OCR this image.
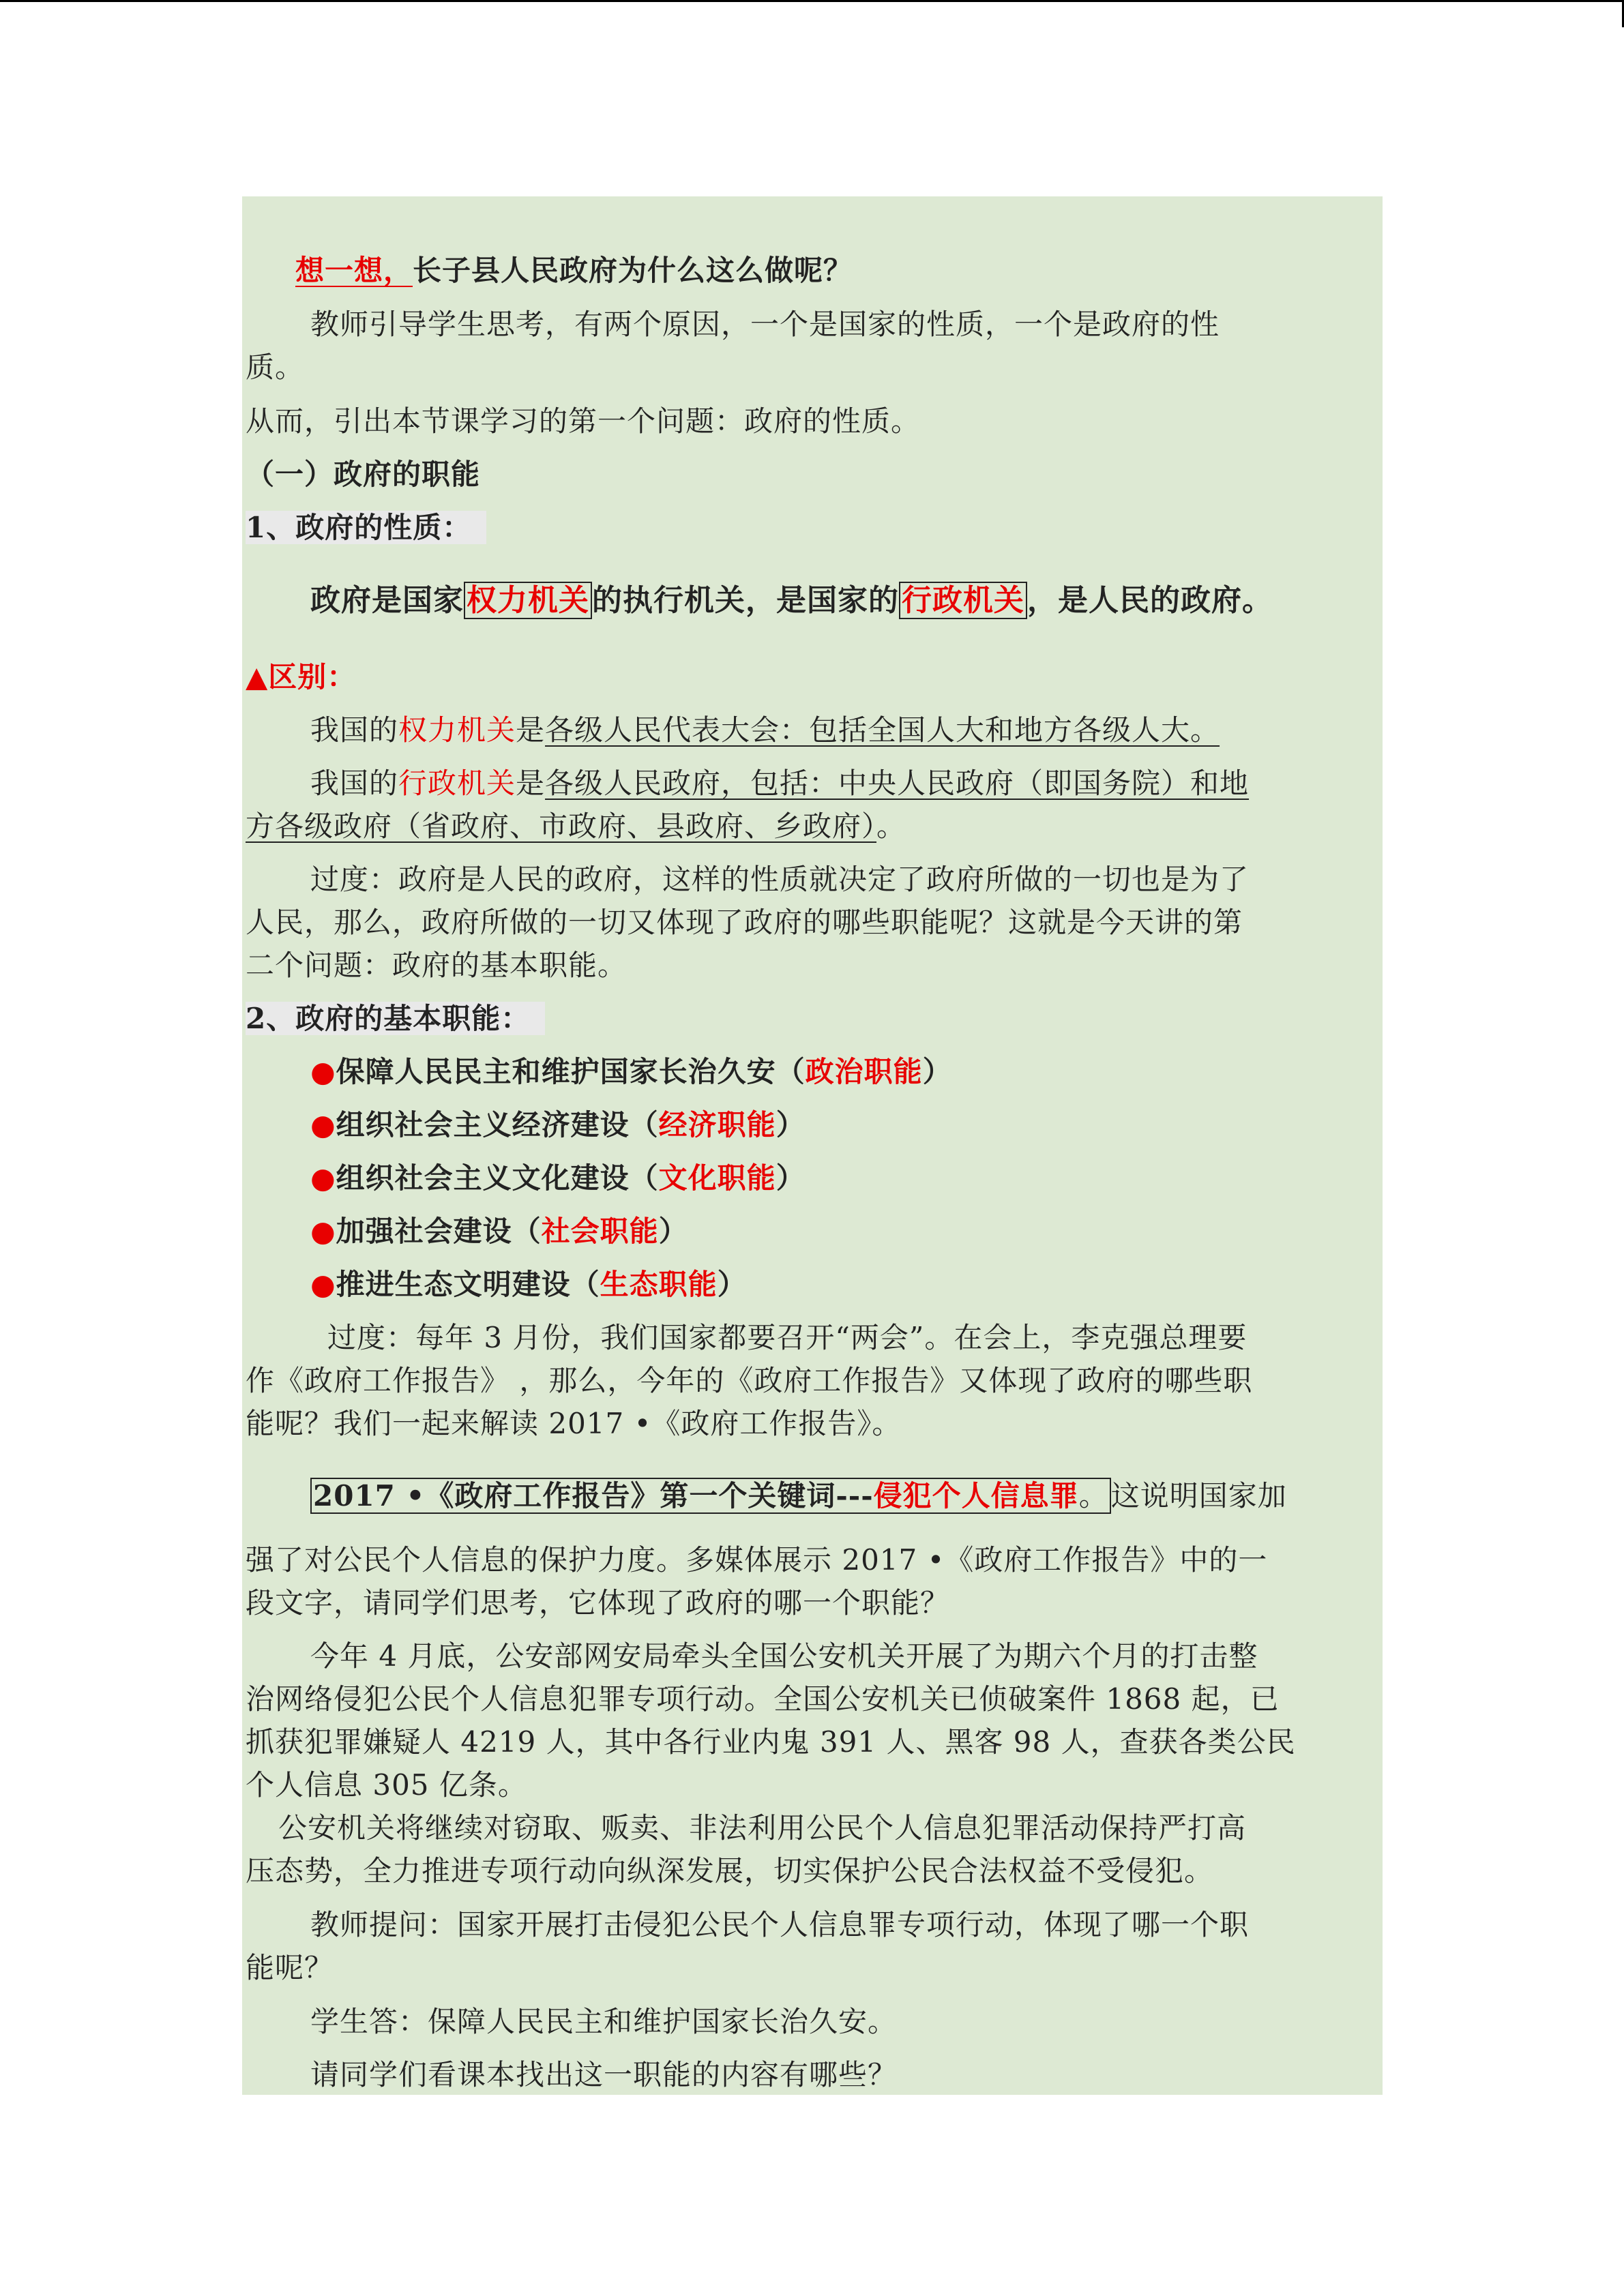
想一想，长子县人民政府为什么这么做呢？
教师引导学生思考，有两个原因，一个是国家的性质，一个是政府的性
质。
从而，引出本节课学习的第一个问题：政府的性质。
（一）政府的职能
1、政府的性质：
政府是国家权力机关的执行机关，是国家的行政机关，是人民的政府。
▲区别：
我国的权力机关是各级人民代表大会：包括全国人大和地方各级人大。
我国的行政机关是各级人民政府，包括：中央人民政府（即国务院）和地
方各级政府（省政府、市政府、县政府、乡政府）。
过度：政府是人民的政府，这样的性质就决定了政府所做的一切也是为了
人民，那么，政府所做的一切又体现了政府的哪些职能呢？这就是今天讲的第
二个问题：政府的基本职能。
2、政府的基本职能：
●保障人民民主和维护国家长治久安（政治职能）
●组织社会主义经济建设（经济职能）
●组织社会主义文化建设（文化职能）
●加强社会建设（社会职能）
●推进生态文明建设（生态职能）
过度：每年 3 月份，我们国家都要召开“两会”。在会上，李克强总理要
作《政府工作报告》 ，那么，今年的《政府工作报告》又体现了政府的哪些职
能呢？我们一起来解读 2017 •《政府工作报告》。
2017 •《政府工作报告》第一个关键词---侵犯个人信息罪。这说明国家加
强了对公民个人信息的保护力度。多媒体展示 2017 •《政府工作报告》中的一
段文字，请同学们思考，它体现了政府的哪一个职能？
今年 4 月底，公安部网安局牵头全国公安机关开展了为期六个月的打击整
治网络侵犯公民个人信息犯罪专项行动。全国公安机关已侦破案件 1868 起，已
抓获犯罪嫌疑人 4219 人，其中各行业内鬼 391 人、黑客 98 人，查获各类公民
个人信息 305 亿条。
公安机关将继续对窃取、贩卖、非法利用公民个人信息犯罪活动保持严打高
压态势，全力推进专项行动向纵深发展，切实保护公民合法权益不受侵犯。
教师提问：国家开展打击侵犯公民个人信息罪专项行动，体现了哪一个职
能呢？
学生答：保障人民民主和维护国家长治久安。
请同学们看课本找出这一职能的内容有哪些？
